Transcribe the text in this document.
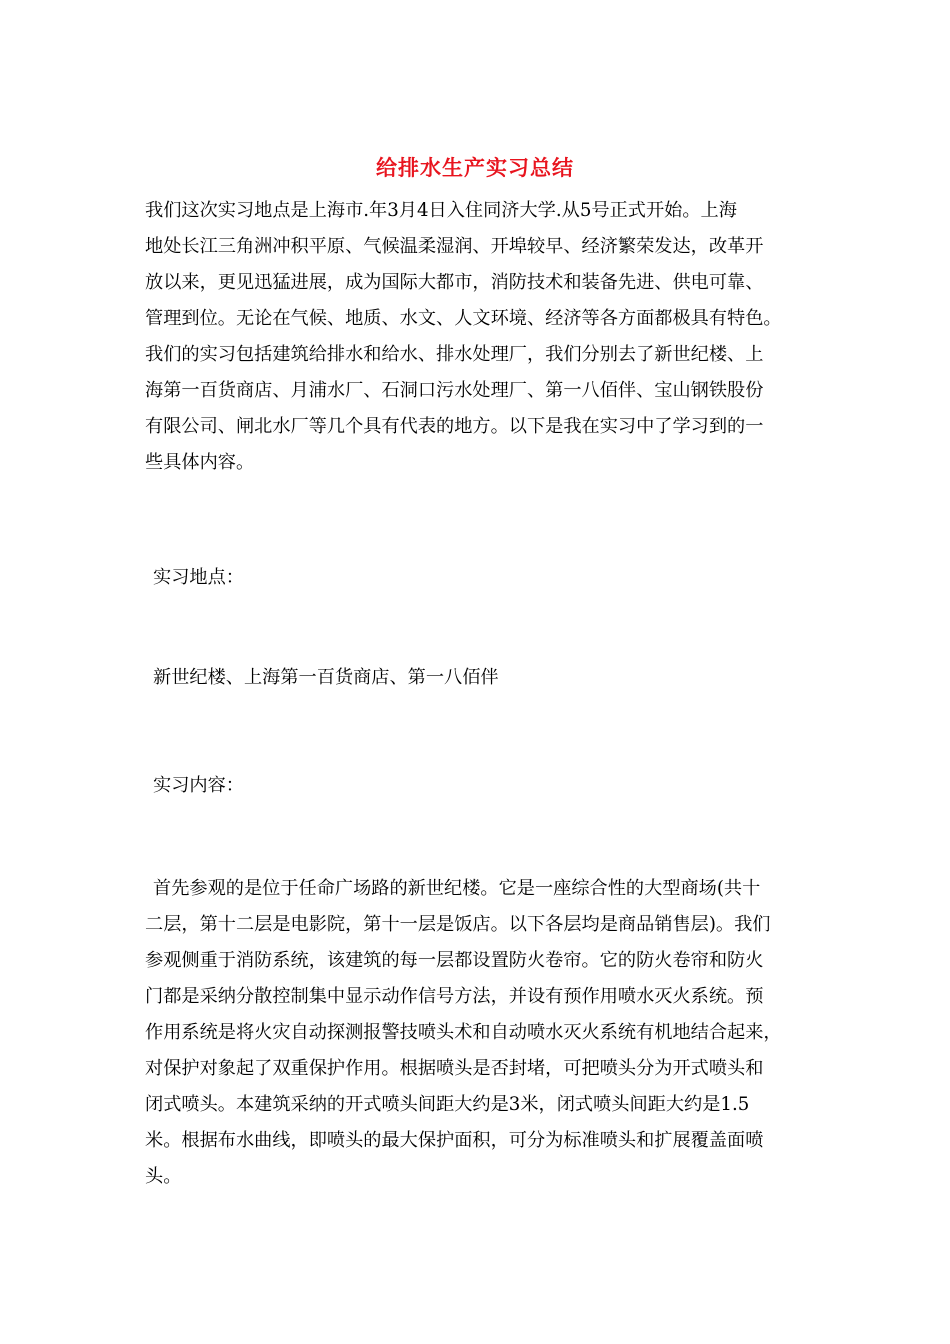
给排水生产实习总结

我们这次实习地点是上海市.年3月4日入住同济大学.从5号正式开始。上海

地处长江三角洲冲积平原、气候温柔湿润、开埠较早、经济繁荣发达，改革开

放以来，更见迅猛进展，成为国际大都市，消防技术和装备先进、供电可靠、

管理到位。无论在气候、地质、水文、人文环境、经济等各方面都极具有特色。

我们的实习包括建筑给排水和给水、排水处理厂，我们分别去了新世纪楼、上

海第一百货商店、月浦水厂、石洞口污水处理厂、第一八佰伴、宝山钢铁股份

有限公司、闸北水厂等几个具有代表的地方。以下是我在实习中了学习到的一

些具体内容。

实习地点：

新世纪楼、上海第一百货商店、第一八佰伴

实习内容：

首先参观的是位于任命广场路的新世纪楼。它是一座综合性的大型商场(共十

二层，第十二层是电影院，第十一层是饭店。以下各层均是商品销售层)。我们

参观侧重于消防系统，该建筑的每一层都设置防火卷帘。它的防火卷帘和防火

门都是采纳分散控制集中显示动作信号方法，并设有预作用喷水灭火系统。预

作用系统是将火灾自动探测报警技喷头术和自动喷水灭火系统有机地结合起来，

对保护对象起了双重保护作用。根据喷头是否封堵，可把喷头分为开式喷头和

闭式喷头。本建筑采纳的开式喷头间距大约是3米，闭式喷头间距大约是1.5

米。根据布水曲线，即喷头的最大保护面积，可分为标准喷头和扩展覆盖面喷

头。
